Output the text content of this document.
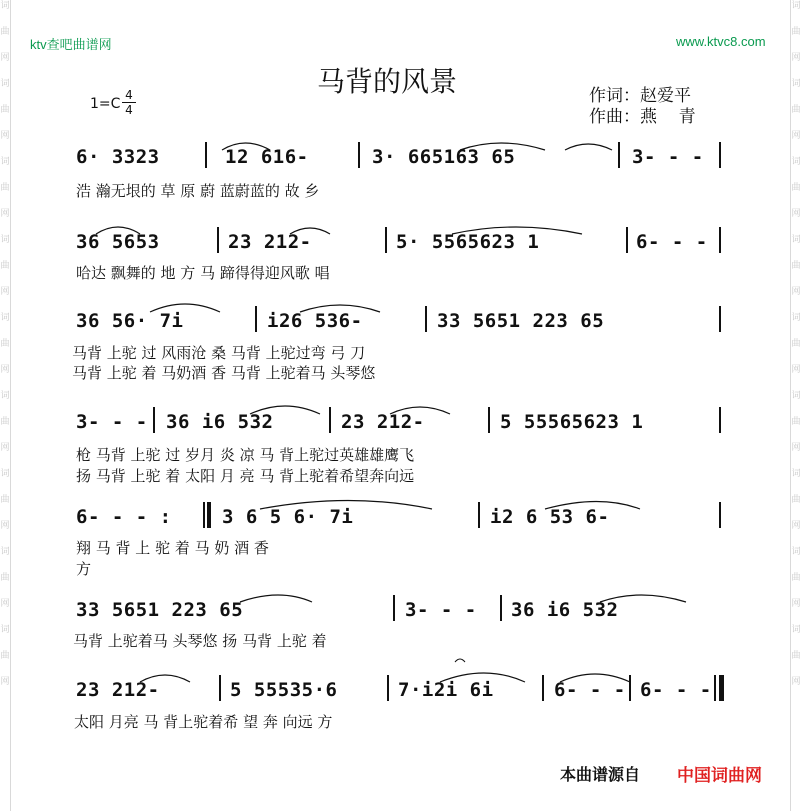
词
曲
网
词
曲
网
词
曲
网
词
曲
网
词
曲
网
词
曲
网
词
曲
网
词
曲
网
词
曲
网
词
曲
网
词
曲
网
词
曲
网
词
曲
网
词
曲
网
词
曲
网
词
曲
网
词
曲
网
词
曲
网
ktv查吧曲谱网	www.ktvc8.com
马背的风景
1=C
4
4
作词：赵爱平
作曲：燕    青
6· 3323	12 616-	3· 665163 65	3- - -
浩 瀚无垠的 草 原 蔚 蓝蔚蓝的 故 乡
36 5653	23 212-	5· 5565623 1	6- - -
哈达 飘舞的 地 方 马 蹄得得迎风歌 唱
36 56· 7i	i26 536-	33 5651 223 65
马背 上驼 过 风雨沧 桑 马背 上驼过弯 弓 刀
马背 上驼 着 马奶酒 香 马背 上驼着马 头琴悠
3- - - 36 i6 532	23 212-	5 55565623 1
枪 马背 上驼 过 岁月 炎 凉 马 背上驼过英雄雄鹰飞
扬 马背 上驼 着 太阳 月 亮 马 背上驼着希望奔向远
6- - - :	3 6 5 6· 7i	i2 6 53 6-
翔 马 背 上 驼 着 马 奶 酒 香
方
33 5651 223 65	3- - - 36 i6 532
马背 上驼着马 头琴悠 扬 马背 上驼 着
23 212-	5 55535·6	7·i2i 6i	6- - - 6- - -
太阳 月亮 马 背上驼着希 望 奔 向远 方
本曲谱源自 中国词曲网
